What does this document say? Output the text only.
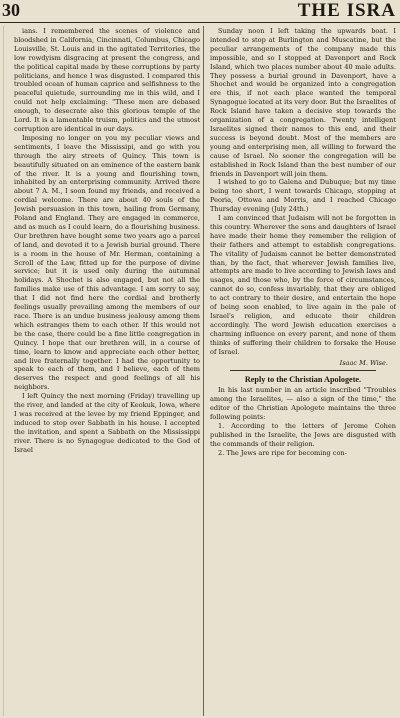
30	THE ISRA

ians. I remembered the scenes of violence and bloodshed in California, Cincinnati, Columbus, Chicago Louisville, St. Louis and in the agitated Territories, the low rowdyism disgracing at present the congress, and the political capital made by these corruptions by party politicians, and hence I was disgusted. I compared this troubled ocean of human caprice and selfishness to the peaceful quietude, surrounding me in this wild, and I could not help exclaiming: "These men are debased enough, to desecrate also this glorious temple of the Lord. It is a lamentable truism, politics and the utmost corruption are identical in our days.

Imposing no longer on you my peculiar views and sentiments, I leave the Mississipi, and go with you through the airy streets of Quincy. This town is beautifully situated on an eminence of the eastern bank of the river. It is a young and flourishing town, inhabited by an enterprising community. Arrived there about 7 A. M., I soon found my friends, and received a cordial welcome. There are about 40 souls of the Jewish persuasion in this town, hailing from Germany, Poland and England. They are engaged in commerce, and as much as I could learn, do a flourishing business. Our brethren have bought some two years ago a parcel of land, and devoted it to a Jewish burial ground. There is a room in the house of Mr. Herman, containing a Scroll of the Law, fitted up for the purpose of divine service; but it is used only during the autumnal holidays. A Shochet is also engaged, but not all the families make use of this advantage. I am sorry to say, that I did not find here the cordial and brotherly feelings usually prevailing among the members of our race. There is an undue business jealousy among them which estranges them to each other. If this would not be the case, there could be a fine little congregation in Quincy. I hope that our brethren will, in a course of time, learn to know and appreciate each other better, and live fraternally together. I had the opportunity to speak to each of them, and I believe, each of them deserves the respect and good feelings of all his neighbors.

I left Quincy the next morning (Friday) travelling up the river, and landed at the city of Keokuk, Iowa, where I was received at the levee by my friend Eppinger, and induced to stop over Sabbath in his house. I accepted the invitation, and spent a Sabbath on the Mississippi river. There is no Synagogue dedicated to the God of Israel

Sunday noon I left taking the upwards boat. I intended to stop at Burlington and Muscatine, but the peculiar arrangements of the company made this impossible, and so I stopped at Davenport and Rock Island, which two places number about 40 male adults. They possess a burial ground in Davenport, have a Shochet and would be organized into a congregation ere this, if not each place wanted the temporal Synagogue located at its very door. But the Israelites of Rock Island have taken a decisive step towards the organization of a congregation. Twenty intelligent Israelites signed their names to this end, and their success is beyond doubt. Most of the members are young and enterprising men, all willing to forward the cause of Israel. No sooner the congregation will be established in Rock Island than the best number of our friends in Davenport will join them.

I wished to go to Galena and Dubuque; but my time being too short, I went towards Chicago, stopping at Peoria, Ottowa and Morris, and I reached Chicago Thursday evening (July 24th.)

I am convinced that Judaism will not be forgotten in this country. Wherever the sons and daughters of Israel have made their home they remember the religion of their fathers and attempt to establish congregations. The vitality of Judaism cannot be better demonstrated than, by the fact, that wherever Jewish families live, attempts are made to live according to Jewish laws and usages, and those who, by the force of circumstances, cannot do so, confess invariably, that they are obliged to act contrary to their desire, and entertain the hope of being soon enabled, to live again in the pale of Israel's religion, and educate their children accordingly. The word Jewish education exercises a charming influence on every parent, and none of them thinks of suffering their children to forsake the House of Israel.

Isaac M. Wise.

Reply to the Christian Apologete.

In his last number in an article inscribed "Troubles among the Israelites, — also a sign of the time," the editor of the Christian Apologete maintains the three following points:

1. According to the letters of Jerome Cohen published in the Israelite, the Jews are disgusted with the commands of their religion.

2. The Jews are ripe for becoming con-
